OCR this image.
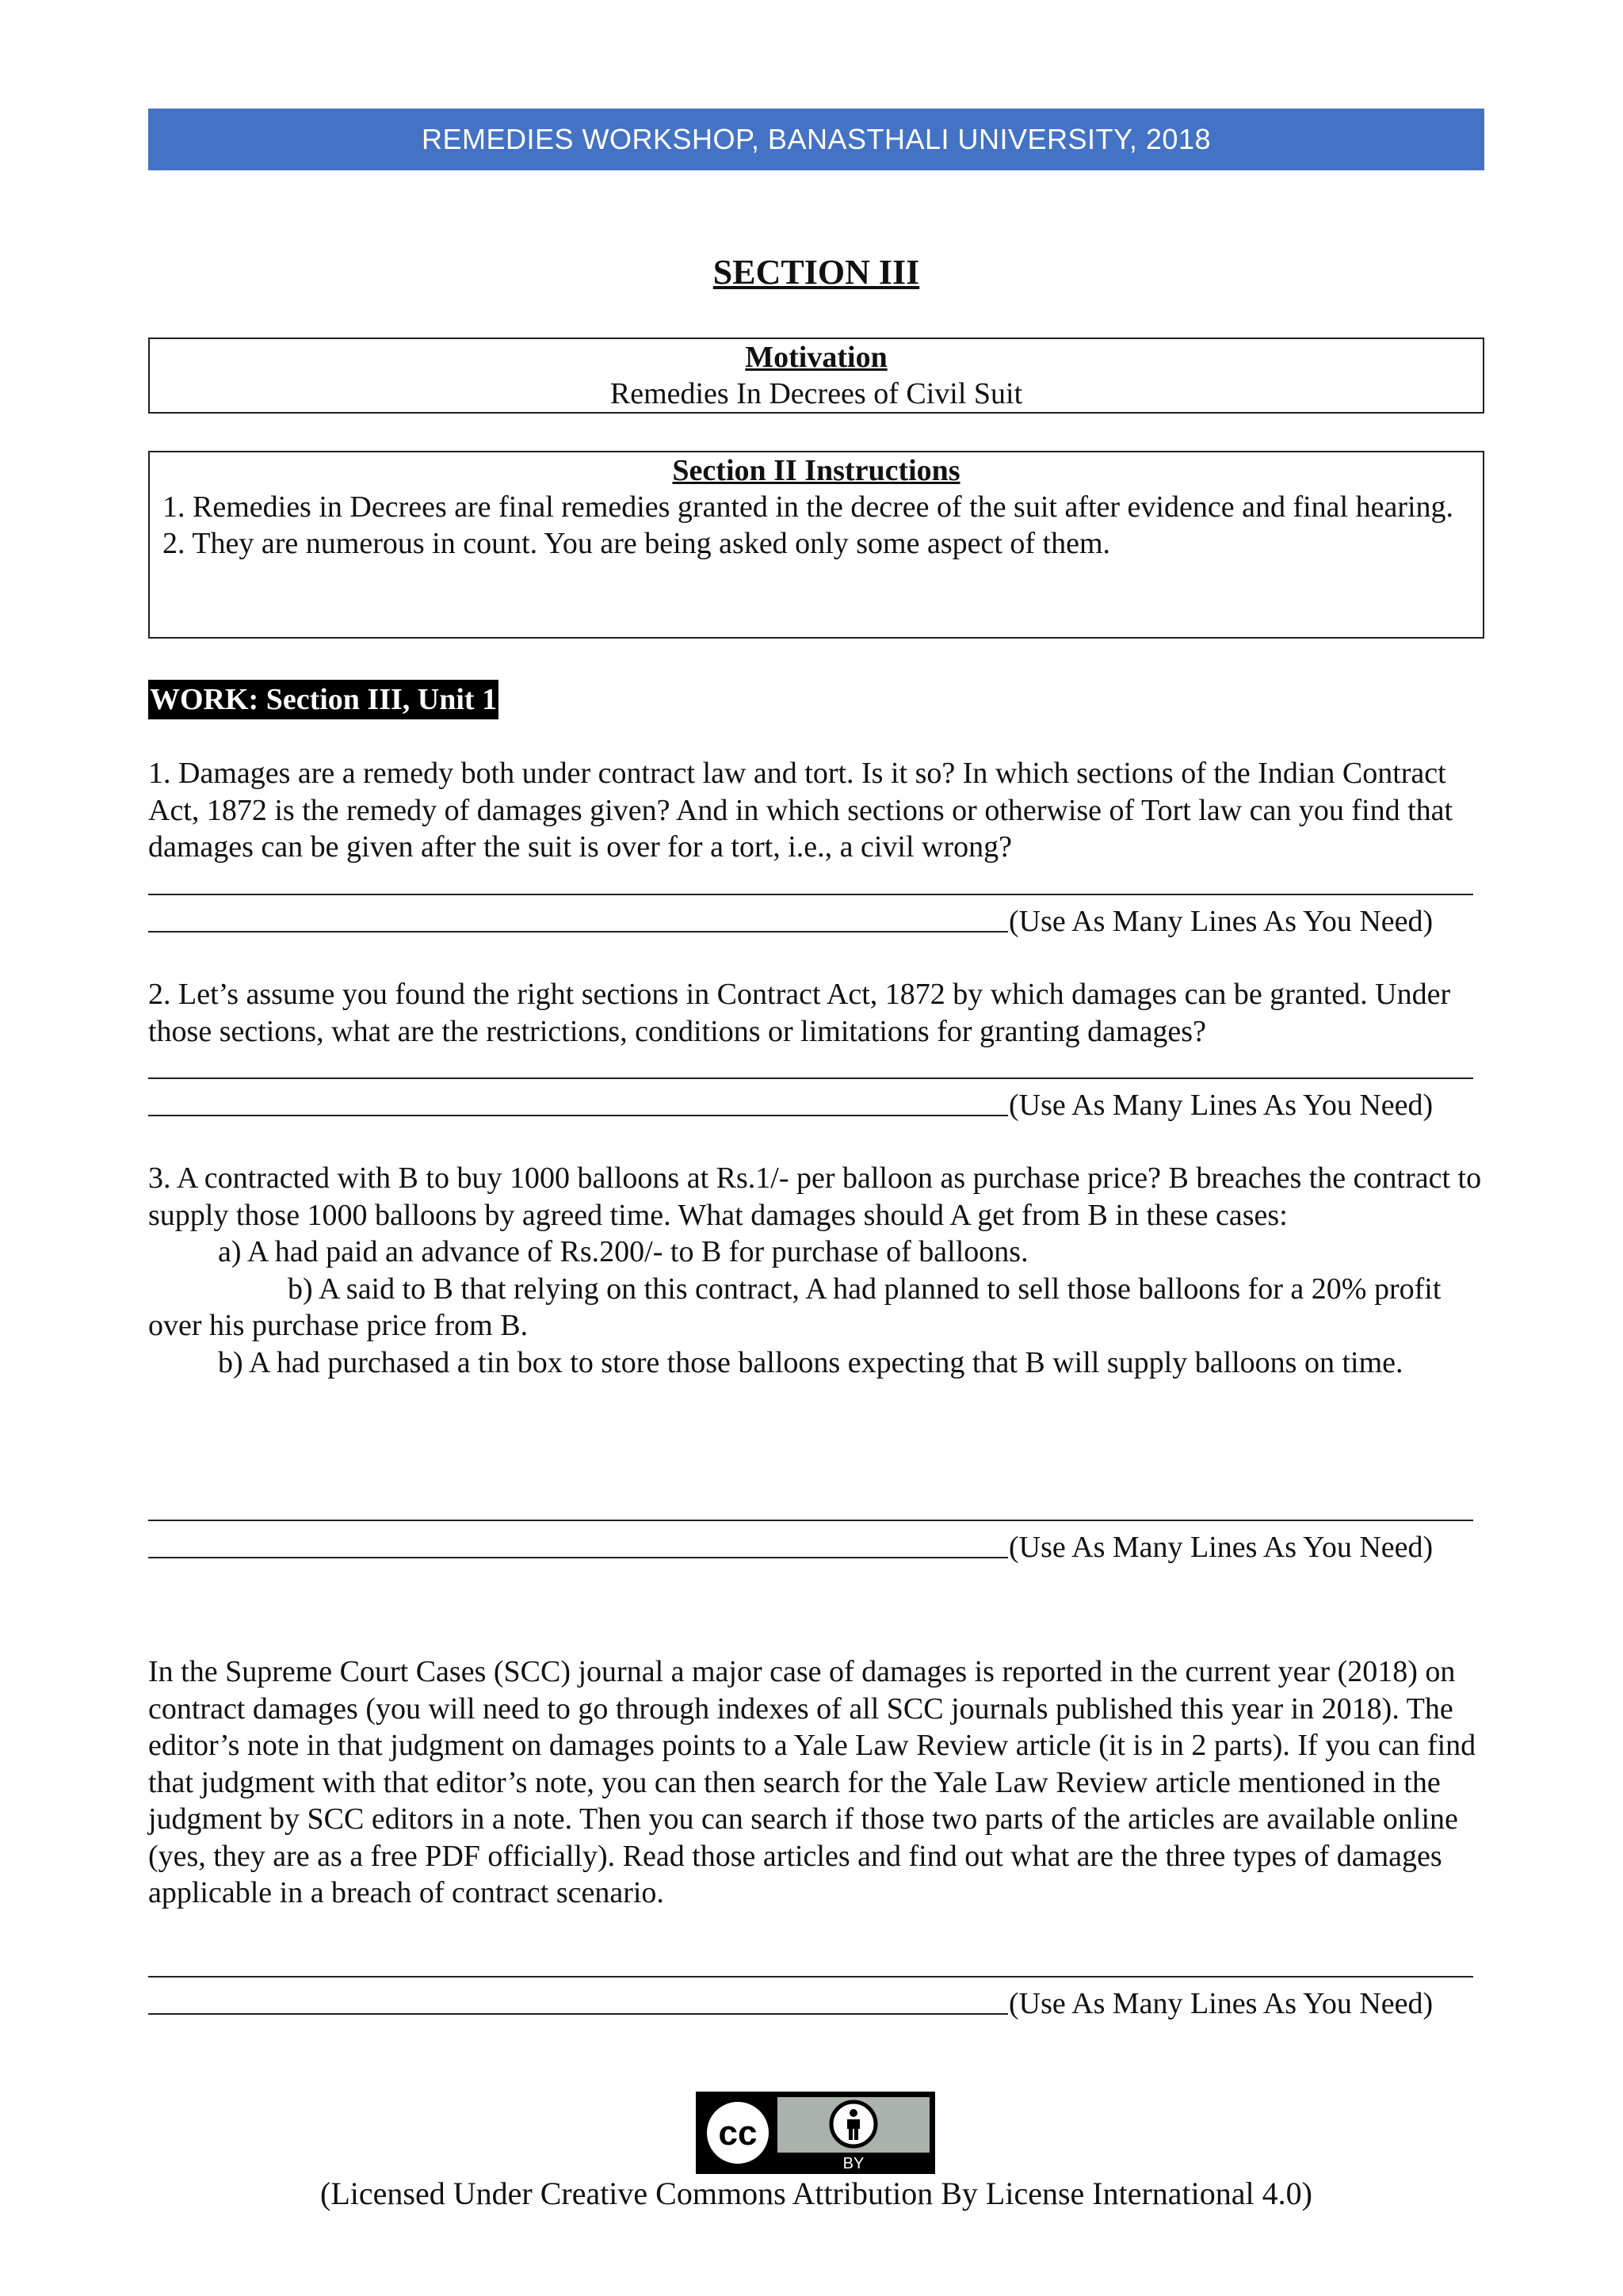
REMEDIES WORKSHOP, BANASTHALI UNIVERSITY, 2018
SECTION III
Motivation
Remedies In Decrees of Civil Suit
Section II Instructions
1. Remedies in Decrees are final remedies granted in the decree of the suit after evidence and final hearing.
2. They are numerous in count. You are being asked only some aspect of them.
WORK: Section III, Unit 1
1. Damages are a remedy both under contract law and tort. Is it so? In which sections of the Indian Contract Act, 1872 is the remedy of damages given? And in which sections or otherwise of Tort law can you find that damages can be given after the suit is over for a tort, i.e., a civil wrong?
(Use As Many Lines As You Need)
2. Let’s assume you found the right sections in Contract Act, 1872 by which damages can be granted. Under those sections, what are the restrictions, conditions or limitations for granting damages?
(Use As Many Lines As You Need)
3. A contracted with B to buy 1000 balloons at Rs.1/- per balloon as purchase price? B breaches the contract to supply those 1000 balloons by agreed time. What damages should A get from B in these cases:
a) A had paid an advance of Rs.200/- to B for purchase of balloons.
b) A said to B that relying on this contract, A had planned to sell those balloons for a 20% profit over his purchase price from B.
b) A had purchased a tin box to store those balloons expecting that B will supply balloons on time.
(Use As Many Lines As You Need)
In the Supreme Court Cases (SCC) journal a major case of damages is reported in the current year (2018) on contract damages (you will need to go through indexes of all SCC journals published this year in 2018). The editor’s note in that judgment on damages points to a Yale Law Review article (it is in 2 parts). If you can find that judgment with that editor’s note, you can then search for the Yale Law Review article mentioned in the judgment by SCC editors in a note. Then you can search if those two parts of the articles are available online (yes, they are as a free PDF officially). Read those articles and find out what are the three types of damages applicable in a breach of contract scenario.
(Use As Many Lines As You Need)
cc
BY
(Licensed Under Creative Commons Attribution By License International 4.0)
